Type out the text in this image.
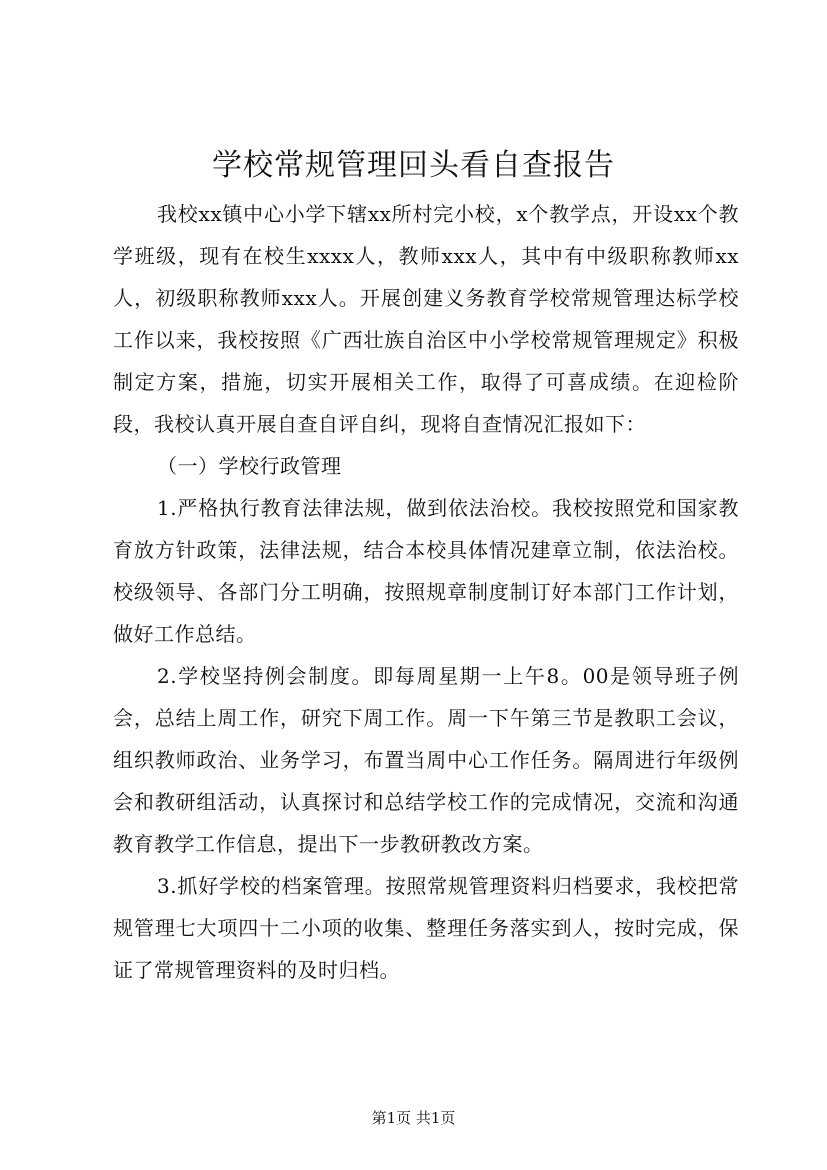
学校常规管理回头看自查报告

我校xx镇中心小学下辖xx所村完小校，x个教学点，开设xx个教学班级，现有在校生xxxx人，教师xxx人，其中有中级职称教师xx人，初级职称教师xxx人。开展创建义务教育学校常规管理达标学校工作以来，我校按照《广西壮族自治区中小学校常规管理规定》积极制定方案，措施，切实开展相关工作，取得了可喜成绩。在迎检阶段，我校认真开展自查自评自纠，现将自查情况汇报如下：

（一）学校行政管理

1.严格执行教育法律法规，做到依法治校。我校按照党和国家教育放方针政策，法律法规，结合本校具体情况建章立制，依法治校。校级领导、各部门分工明确，按照规章制度制订好本部门工作计划，做好工作总结。

2.学校坚持例会制度。即每周星期一上午8。00是领导班子例会，总结上周工作，研究下周工作。周一下午第三节是教职工会议，组织教师政治、业务学习，布置当周中心工作任务。隔周进行年级例会和教研组活动，认真探讨和总结学校工作的完成情况，交流和沟通教育教学工作信息，提出下一步教研教改方案。

3.抓好学校的档案管理。按照常规管理资料归档要求，我校把常规管理七大项四十二小项的收集、整理任务落实到人，按时完成，保证了常规管理资料的及时归档。

第1页 共1页
